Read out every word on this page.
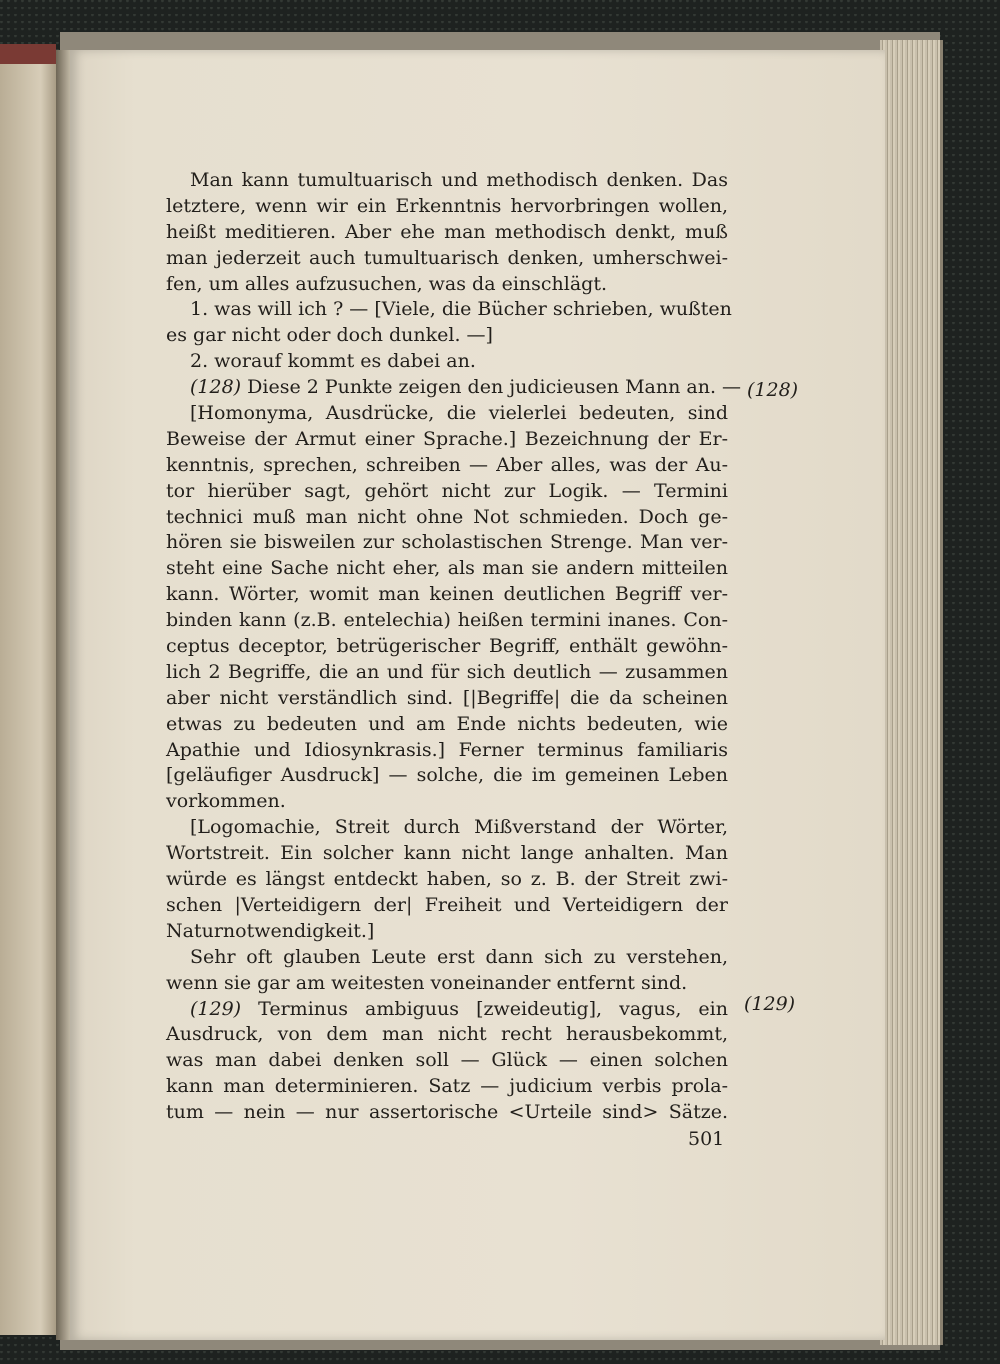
Man kann tumultuarisch und methodisch denken. Das
letztere, wenn wir ein Erkenntnis hervorbringen wollen,
heißt meditieren. Aber ehe man methodisch denkt, muß
man jederzeit auch tumultuarisch denken, umherschwei-
fen, um alles aufzusuchen, was da einschlägt.
1. was will ich ? — [Viele, die Bücher schrieben, wußten
es gar nicht oder doch dunkel. —]
2. worauf kommt es dabei an.
(128) Diese 2 Punkte zeigen den judicieusen Mann an. —
[Homonyma, Ausdrücke, die vielerlei bedeuten, sind
Beweise der Armut einer Sprache.] Bezeichnung der Er-
kenntnis, sprechen, schreiben — Aber alles, was der Au-
tor hierüber sagt, gehört nicht zur Logik. — Termini
technici muß man nicht ohne Not schmieden. Doch ge-
hören sie bisweilen zur scholastischen Strenge. Man ver-
steht eine Sache nicht eher, als man sie andern mitteilen
kann. Wörter, womit man keinen deutlichen Begriff ver-
binden kann (z.B. entelechia) heißen termini inanes. Con-
ceptus deceptor, betrügerischer Begriff, enthält gewöhn-
lich 2 Begriffe, die an und für sich deutlich — zusammen
aber nicht verständlich sind. [|Begriffe| die da scheinen
etwas zu bedeuten und am Ende nichts bedeuten, wie
Apathie und Idiosynkrasis.] Ferner terminus familiaris
[geläufiger Ausdruck] — solche, die im gemeinen Leben
vorkommen.
[Logomachie, Streit durch Mißverstand der Wörter,
Wortstreit. Ein solcher kann nicht lange anhalten. Man
würde es längst entdeckt haben, so z. B. der Streit zwi-
schen |Verteidigern der| Freiheit und Verteidigern der
Naturnotwendigkeit.]
Sehr oft glauben Leute erst dann sich zu verstehen,
wenn sie gar am weitesten voneinander entfernt sind.
(129) Terminus ambiguus [zweideutig], vagus, ein
Ausdruck, von dem man nicht recht herausbekommt,
was man dabei denken soll — Glück — einen solchen
kann man determinieren. Satz — judicium verbis prola-
tum — nein — nur assertorische <Urteile sind> Sätze.
(128)
(129)
501
